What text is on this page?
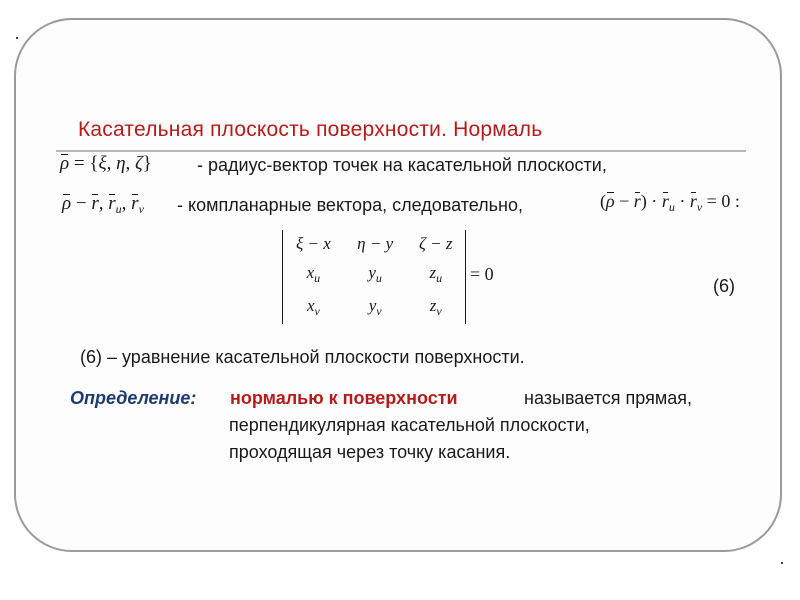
Касательная плоскость поверхности. Нормаль
ρ = {ξ, η, ζ}	- радиус-вектор точек на касательной плоскости,
ρ − r, $r_u$, $r_v$ - компланарные вектора, следовательно,	$(\rho - r) \cdot r_u \cdot r_v = 0$ :
ξ − x	η − y	ζ − z
$x_u$	$y_u$	$z_u$
$x_v$	$y_v$	$z_v$
= 0
(6)
(6) – уравнение касательной плоскости поверхности.
Определение: нормалью к поверхности	называется прямая,
перпендикулярная касательной плоскости,
проходящая через точку касания.
